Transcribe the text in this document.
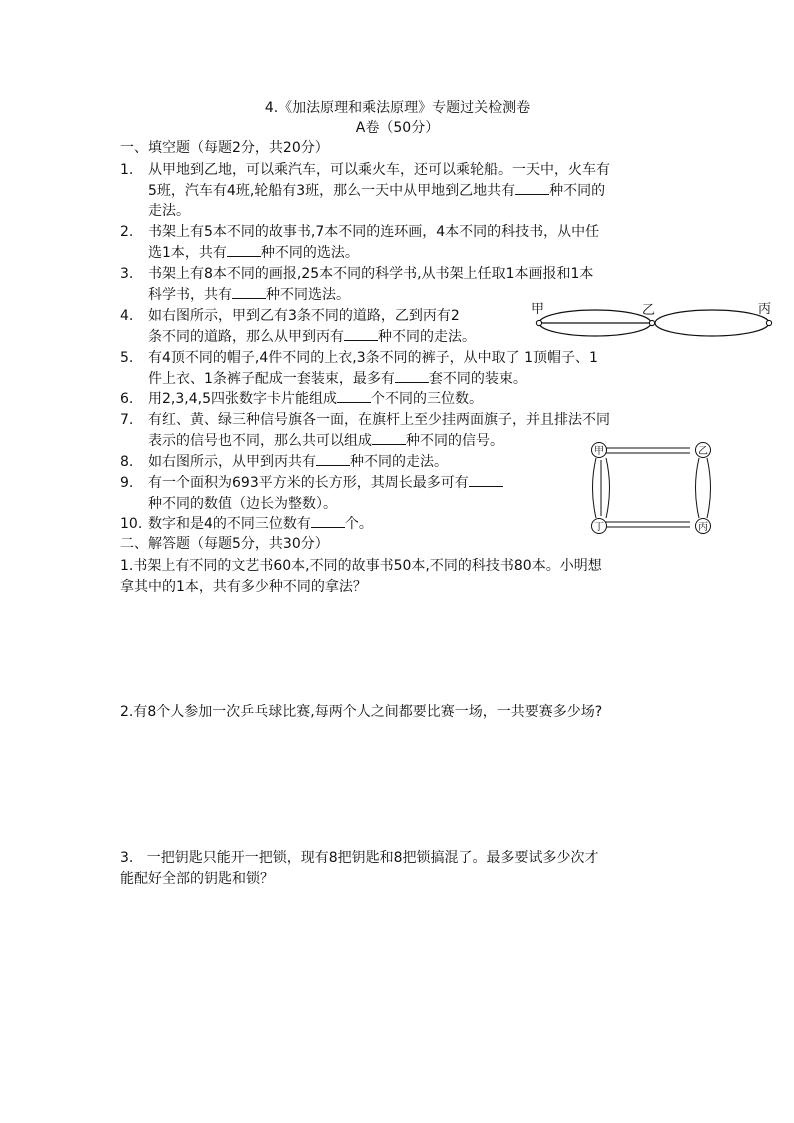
4.《加法原理和乘法原理》专题过关检测卷
A卷（50分）
一、填空题（每题2分，共20分）
1. 从甲地到乙地，可以乘汽车，可以乘火车，还可以乘轮船。一天中，火车有
5班，汽车有4班,轮船有3班，那么一天中从甲地到乙地共有 种不同的
走法。
2. 书架上有5本不同的故事书,7本不同的连环画，4本不同的科技书，从中任
选1本，共有 种不同的选法。
3. 书架上有8本不同的画报,25本不同的科学书,从书架上任取1本画报和1本
科学书，共有 种不同选法。
4. 如右图所示，甲到乙有3条不同的道路，乙到丙有2
条不同的道路，那么从甲到丙有 种不同的走法。
甲	乙	丙
5. 有4顶不同的帽子,4件不同的上衣,3条不同的裤子，从中取了 1顶帽子、1
件上衣、1条裤子配成一套装束，最多有 套不同的装束。
6. 用2,3,4,5四张数字卡片能组成 个不同的三位数。
7. 有红、黄、绿三种信号旗各一面，在旗杆上至少挂两面旗子，并且排法不同
表示的信号也不同，那么共可以组成 种不同的信号。
8. 如右图所示，从甲到丙共有 种不同的走法。
甲	乙
丁	丙
9. 有一个面积为693平方米的长方形，其周长最多可有
种不同的数值（边长为整数）。
10. 数字和是4的不同三位数有 个。
二、解答题（每题5分，共30分）
1.书架上有不同的文艺书60本,不同的故事书50本,不同的科技书80本。小明想
拿其中的1本，共有多少种不同的拿法？
2.有8个人参加一次乒乓球比赛,每两个人之间都要比赛一场，一共要赛多少场?
3.   一把钥匙只能开一把锁，现有8把钥匙和8把锁搞混了。最多要试多少次才
能配好全部的钥匙和锁？
